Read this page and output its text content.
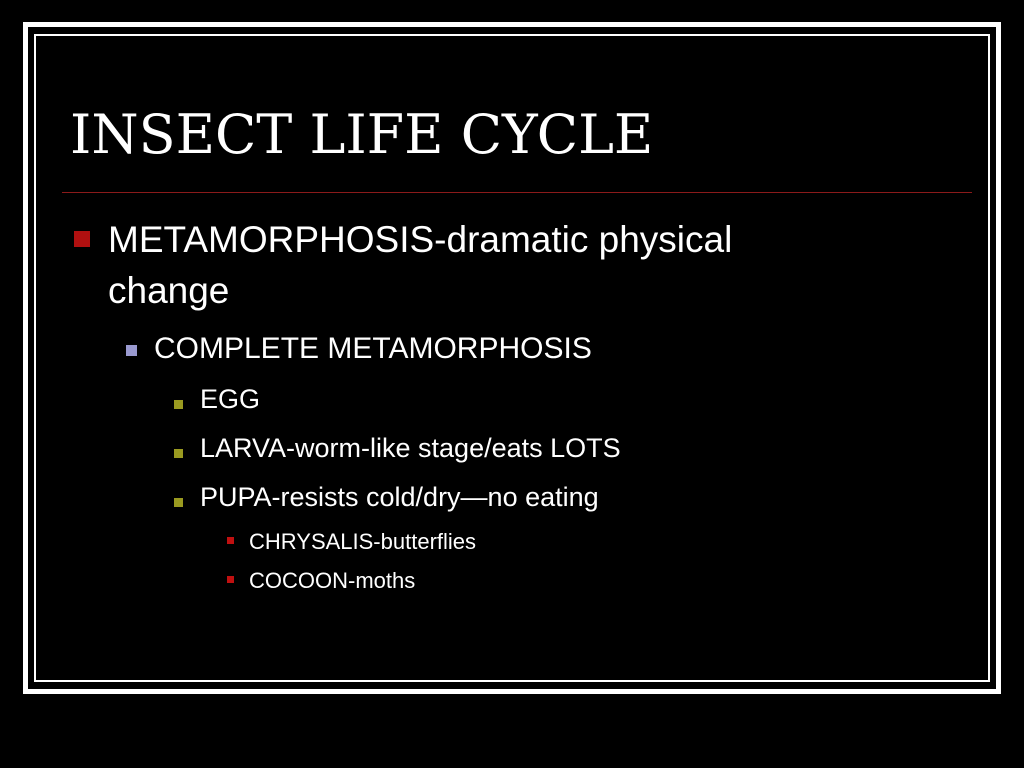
INSECT LIFE CYCLE
METAMORPHOSIS-dramatic physical
change
COMPLETE METAMORPHOSIS
EGG
LARVA-worm-like stage/eats LOTS
PUPA-resists cold/dry—no eating
CHRYSALIS-butterflies
COCOON-moths
